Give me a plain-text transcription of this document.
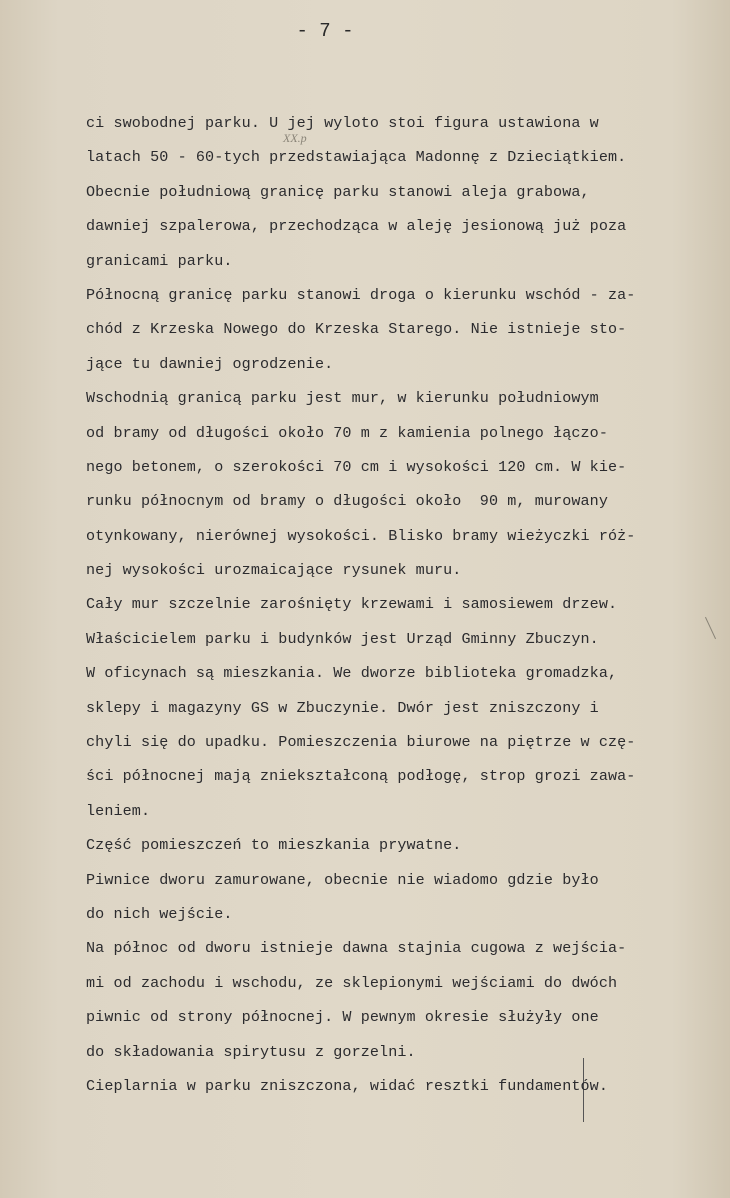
- 7 -
XX.p
ci swobodnej parku. U jej wyloto stoi figura ustawiona w
latach 50 - 60-tych przedstawiająca Madonnę z Dzieciątkiem.
Obecnie południową granicę parku stanowi aleja grabowa,
dawniej szpalerowa, przechodząca w aleję jesionową już poza
granicami parku.
Północną granicę parku stanowi droga o kierunku wschód - za-
chód z Krzeska Nowego do Krzeska Starego. Nie istnieje sto-
jące tu dawniej ogrodzenie.
Wschodnią granicą parku jest mur, w kierunku południowym
od bramy od długości około 70 m z kamienia polnego łączo-
nego betonem, o szerokości 70 cm i wysokości 120 cm. W kie-
runku północnym od bramy o długości około  90 m, murowany
otynkowany, nierównej wysokości. Blisko bramy wieżyczki róż-
nej wysokości urozmaicające rysunek muru.
Cały mur szczelnie zarośnięty krzewami i samosiewem drzew.
Właścicielem parku i budynków jest Urząd Gminny Zbuczyn.
W oficynach są mieszkania. We dworze biblioteka gromadzka,
sklepy i magazyny GS w Zbuczynie. Dwór jest zniszczony i
chyli się do upadku. Pomieszczenia biurowe na piętrze w czę-
ści północnej mają zniekształconą podłogę, strop grozi zawa-
leniem.
Część pomieszczeń to mieszkania prywatne.
Piwnice dworu zamurowane, obecnie nie wiadomo gdzie było
do nich wejście.
Na północ od dworu istnieje dawna stajnia cugowa z wejścia-
mi od zachodu i wschodu, ze sklepionymi wejściami do dwóch
piwnic od strony północnej. W pewnym okresie służyły one
do składowania spirytusu z gorzelni.
Cieplarnia w parku zniszczona, widać resztki fundamentów.
